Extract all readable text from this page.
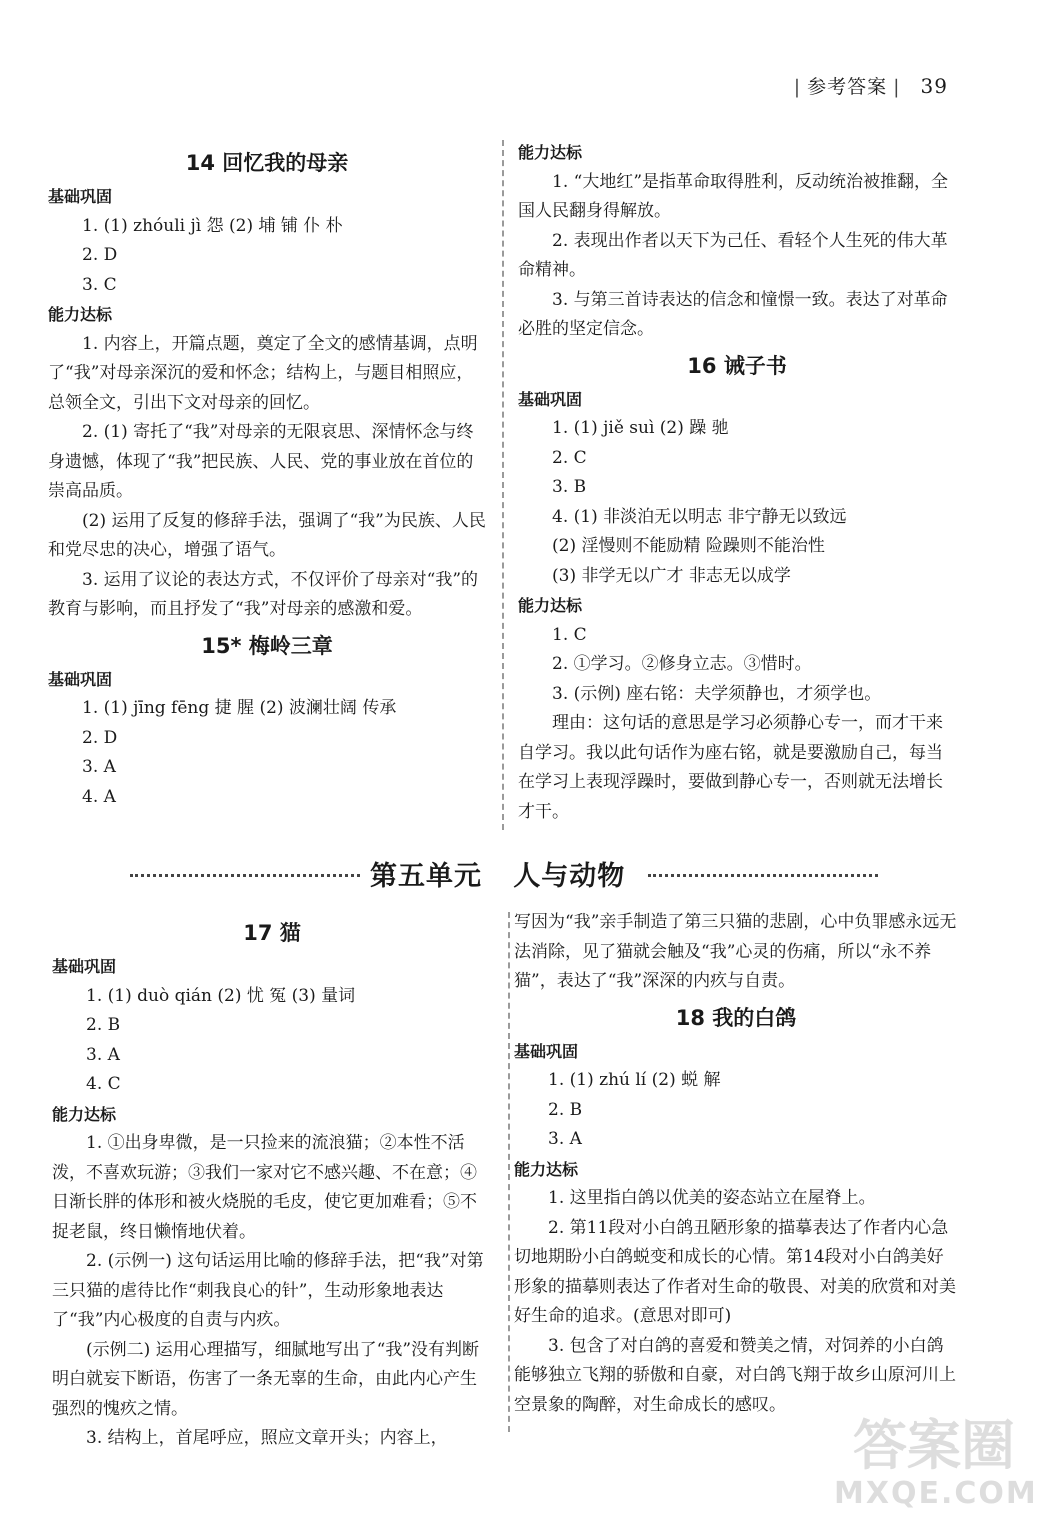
| 参考答案 | 39

14 回忆我的母亲

基础巩固

1. (1) zhóuli jì 怨 (2) 埔 铺 仆 朴

2. D

3. C

能力达标

1. 内容上，开篇点题，奠定了全文的感情基调，点明了“我”对母亲深沉的爱和怀念；结构上，与题目相照应，总领全文，引出下文对母亲的回忆。

2. (1) 寄托了“我”对母亲的无限哀思、深情怀念与终身遗憾，体现了“我”把民族、人民、党的事业放在首位的崇高品质。

(2) 运用了反复的修辞手法，强调了“我”为民族、人民和党尽忠的决心，增强了语气。

3. 运用了议论的表达方式，不仅评价了母亲对“我”的教育与影响，而且抒发了“我”对母亲的感激和爱。

15* 梅岭三章

基础巩固

1. (1) jīng fēng 捷 腥 (2) 波澜壮阔 传承

2. D

3. A

4. A

能力达标

1. “大地红”是指革命取得胜利，反动统治被推翻，全国人民翻身得解放。

2. 表现出作者以天下为己任、看轻个人生死的伟大革命精神。

3. 与第三首诗表达的信念和憧憬一致。表达了对革命必胜的坚定信念。

16 诫子书

基础巩固

1. (1) jiě suì (2) 躁 驰

2. C

3. B

4. (1) 非淡泊无以明志 非宁静无以致远

(2) 淫慢则不能励精 险躁则不能治性

(3) 非学无以广才 非志无以成学

能力达标

1. C

2. ①学习。②修身立志。③惜时。

3. (示例) 座右铭：夫学须静也，才须学也。

理由：这句话的意思是学习必须静心专一，而才干来自学习。我以此句话作为座右铭，就是要激励自己，每当在学习上表现浮躁时，要做到静心专一，否则就无法增长才干。

第五单元   人与动物

17 猫

基础巩固

1. (1) duò qián (2) 忧 冤 (3) 量词

2. B

3. A

4. C

能力达标

1. ①出身卑微，是一只捡来的流浪猫；②本性不活泼，不喜欢玩游；③我们一家对它不感兴趣、不在意；④日渐长胖的体形和被火烧脱的毛皮，使它更加难看；⑤不捉老鼠，终日懒惰地伏着。

2. (示例一) 这句话运用比喻的修辞手法，把“我”对第三只猫的虐待比作“刺我良心的针”，生动形象地表达了“我”内心极度的自责与内疚。

(示例二) 运用心理描写，细腻地写出了“我”没有判断明白就妄下断语，伤害了一条无辜的生命，由此内心产生强烈的愧疚之情。

3. 结构上，首尾呼应，照应文章开头；内容上，

写因为“我”亲手制造了第三只猫的悲剧，心中负罪感永远无法消除，见了猫就会触及“我”心灵的伤痛，所以“永不养猫”，表达了“我”深深的内疚与自责。

18 我的白鸽

基础巩固

1. (1) zhú lí (2) 蜕 解

2. B

3. A

能力达标

1. 这里指白鸽以优美的姿态站立在屋脊上。

2. 第11段对小白鸽丑陋形象的描摹表达了作者内心急切地期盼小白鸽蜕变和成长的心情。第14段对小白鸽美好形象的描摹则表达了作者对生命的敬畏、对美的欣赏和对美好生命的追求。(意思对即可)

3. 包含了对白鸽的喜爱和赞美之情，对饲养的小白鸽能够独立飞翔的骄傲和自豪，对白鸽飞翔于故乡山原河川上空景象的陶醉，对生命成长的感叹。

答案圈
MXQE.COM
